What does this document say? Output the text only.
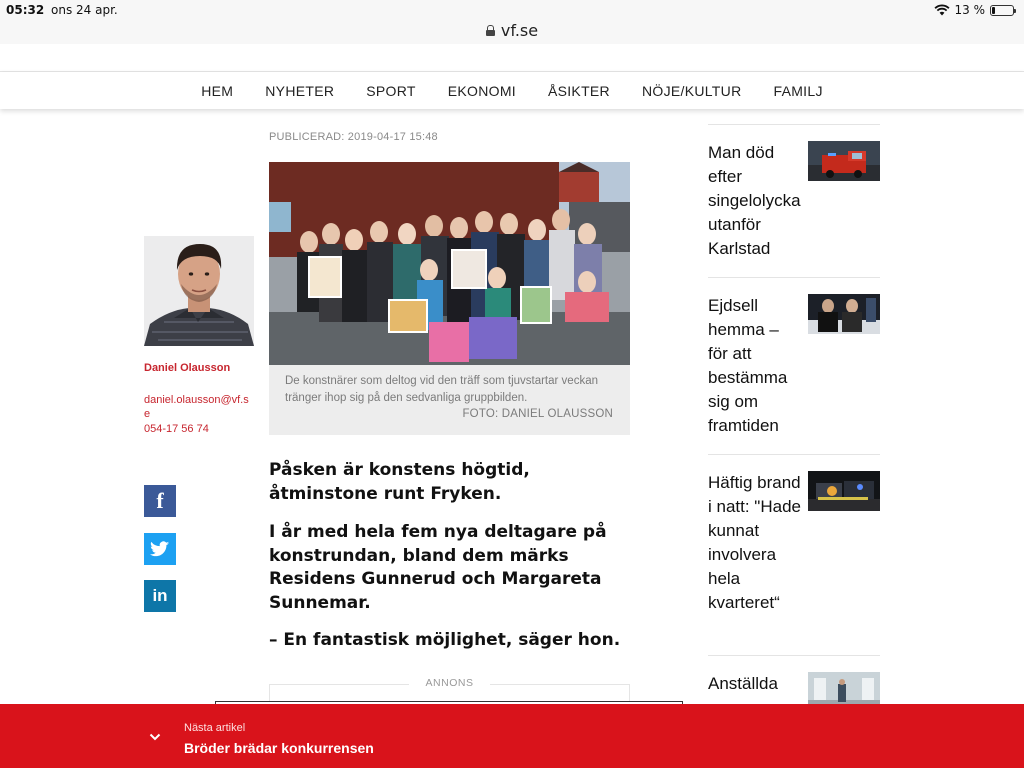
05:32 ons 24 apr.	13 %
vf.se
HEM NYHETER SPORT EKONOMI ÅSIKTER NÖJE/KULTUR FAMILJ
Daniel Olausson
daniel.olausson@vf.se
054-17 56 74
f
in
PUBLICERAD: 2019-04-17 15:48
De konstnärer som deltog vid den träff som tjuvstartar veckan tränger ihop sig på den sedvanliga gruppbilden.
FOTO: DANIEL OLAUSSON

Påsken är konstens högtid, åtminstone runt Fryken.

I år med hela fem nya deltagare på konstrundan, bland dem märks Residens Gunnerud och Margareta Sunnemar.

– En fantastisk möjlighet, säger hon.

ANNONS
Man död efter singelolycka utanför Karlstad
Ejdsell hemma – för att bestämma sig om framtiden
Häftig brand i natt: "Hade kunnat involvera hela kvarteret“
Anställda
Nästa artikel
Bröder brädar konkurrensen
